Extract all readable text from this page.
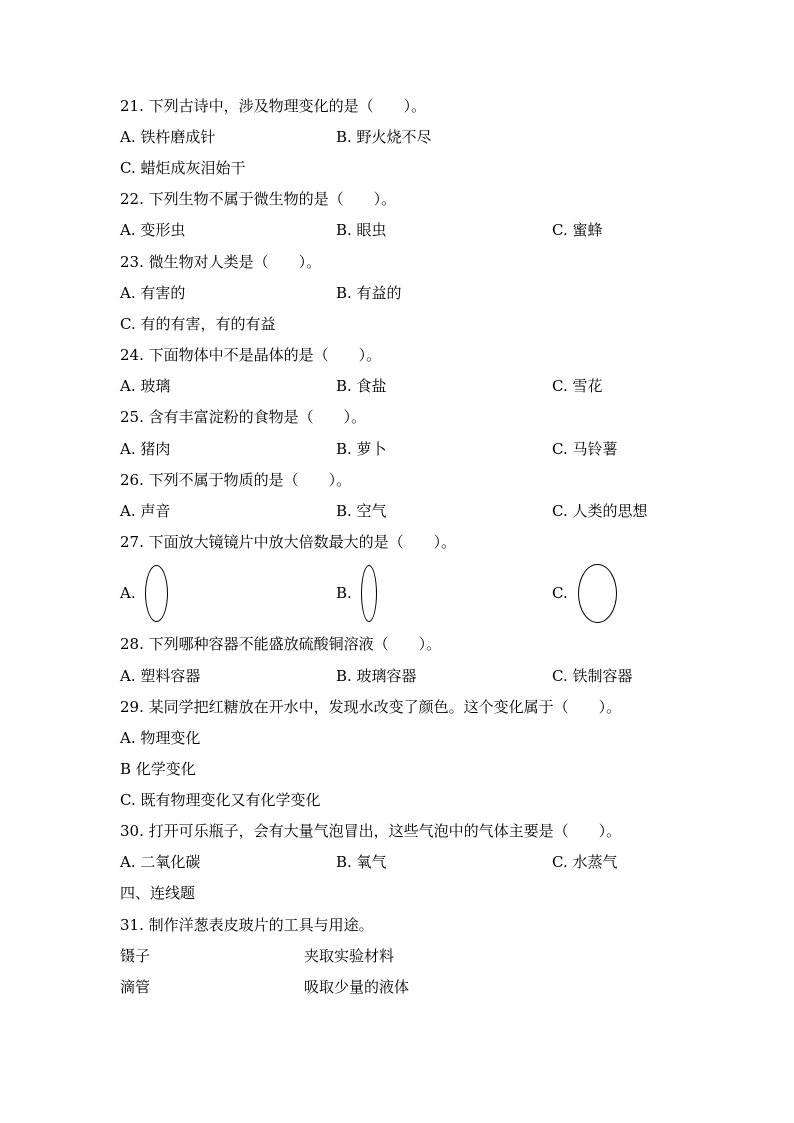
21. 下列古诗中，涉及物理变化的是（　　）。
A. 铁杵磨成针	B. 野火烧不尽
C. 蜡炬成灰泪始干
22. 下列生物不属于微生物的是（　　）。
A. 变形虫	B. 眼虫	C. 蜜蜂
23. 微生物对人类是（　　）。
A. 有害的	B. 有益的
C. 有的有害，有的有益
24. 下面物体中不是晶体的是（　　）。
A. 玻璃	B. 食盐	C. 雪花
25. 含有丰富淀粉的食物是（　　）。
A. 猪肉	B. 萝卜	C. 马铃薯
26. 下列不属于物质的是（　　）。
A. 声音	B. 空气	C. 人类的思想
27. 下面放大镜镜片中放大倍数最大的是（　　）。
A.	B.	C.
28. 下列哪种容器不能盛放硫酸铜溶液（　　）。
A. 塑料容器	B. 玻璃容器	C. 铁制容器
29. 某同学把红糖放在开水中，发现水改变了颜色。这个变化属于（　　）。
A. 物理变化
B 化学变化
C. 既有物理变化又有化学变化
30. 打开可乐瓶子，会有大量气泡冒出，这些气泡中的气体主要是（　　）。
A. 二氧化碳	B. 氧气	C. 水蒸气
四、连线题
31. 制作洋葱表皮玻片的工具与用途。
镊子	夹取实验材料
滴管	吸取少量的液体
